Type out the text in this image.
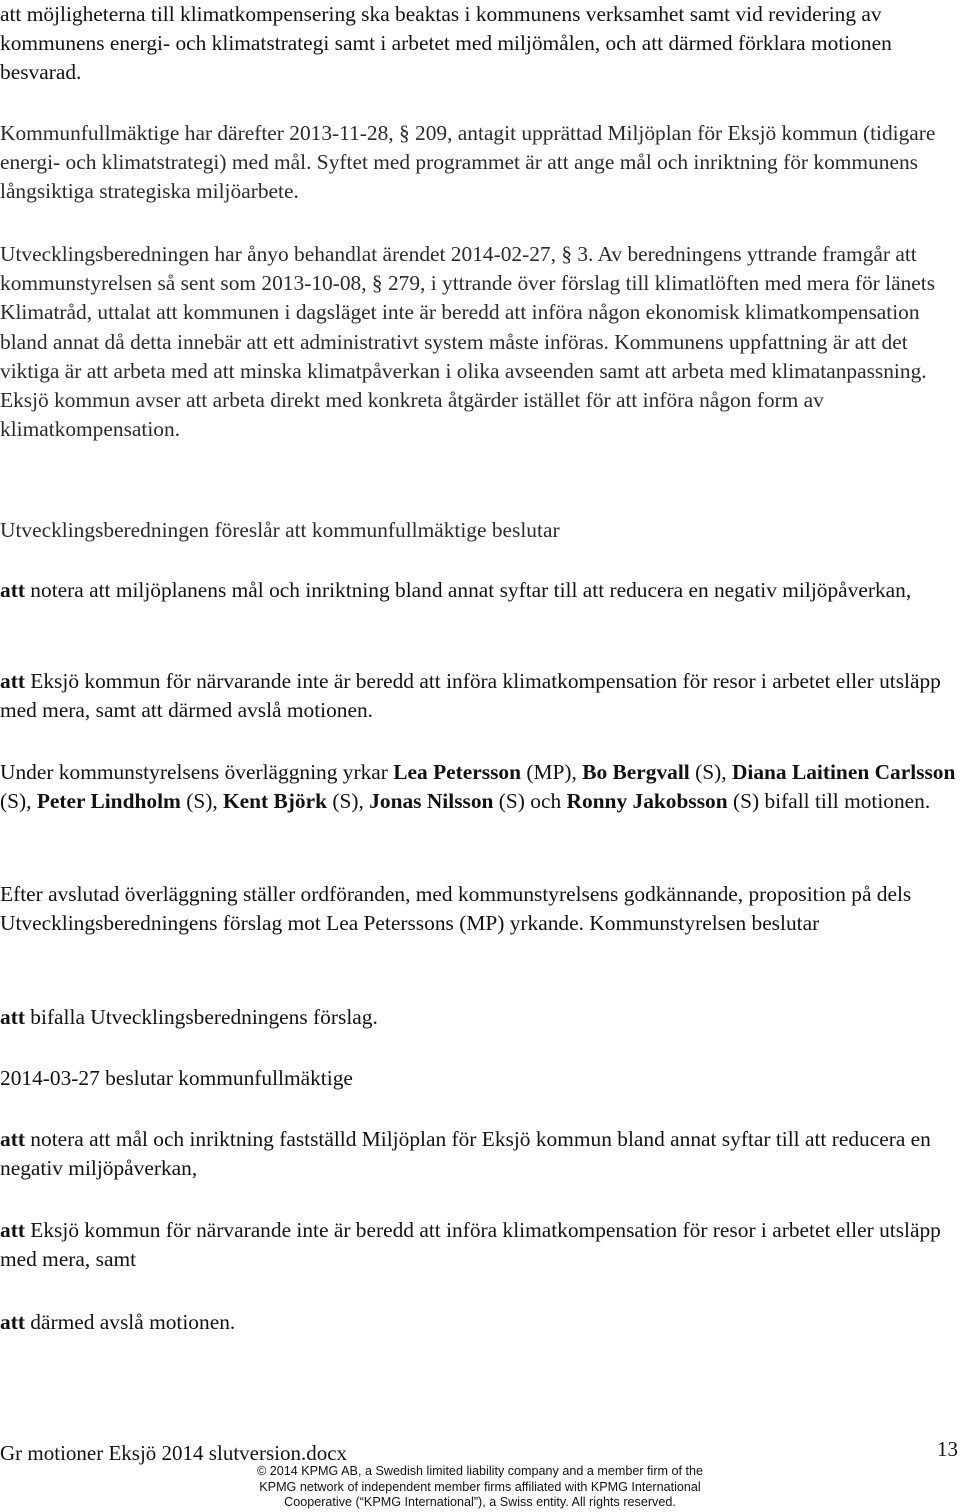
att möjligheterna till klimatkompensering ska beaktas i kommunens verksamhet samt vid revidering av kommunens energi- och klimatstrategi samt i arbetet med miljömålen, och att därmed förklara motionen besvarad.

Kommunfullmäktige har därefter 2013-11-28, § 209, antagit upprättad Miljöplan för Eksjö kommun (tidigare energi- och klimatstrategi) med mål. Syftet med programmet är att ange mål och inriktning för kommunens långsiktiga strategiska miljöarbete.

Utvecklingsberedningen har ånyo behandlat ärendet 2014-02-27, § 3. Av beredningens yttrande framgår att kommunstyrelsen så sent som 2013-10-08, § 279, i yttrande över förslag till klimatlöften med mera för länets Klimatråd, uttalat att kommunen i dagsläget inte är beredd att införa någon ekonomisk klimatkompensation bland annat då detta innebär att ett administrativt system måste införas. Kommunens uppfattning är att det viktiga är att arbeta med att minska klimatpåverkan i olika avseenden samt att arbeta med klimatanpassning. Eksjö kommun avser att arbeta direkt med konkreta åtgärder istället för att införa någon form av klimatkompensation.

Utvecklingsberedningen föreslår att kommunfullmäktige beslutar

att notera att miljöplanens mål och inriktning bland annat syftar till att reducera en negativ miljöpåverkan,

att Eksjö kommun för närvarande inte är beredd att införa klimatkompensation för resor i arbetet eller utsläpp med mera, samt att därmed avslå motionen.

Under kommunstyrelsens överläggning yrkar Lea Petersson (MP), Bo Bergvall (S), Diana Laitinen Carlsson (S), Peter Lindholm (S), Kent Björk (S), Jonas Nilsson (S) och Ronny Jakobsson (S) bifall till motionen.

Efter avslutad överläggning ställer ordföranden, med kommunstyrelsens godkännande, proposition på dels Utvecklingsberedningens förslag mot Lea Peterssons (MP) yrkande. Kommunstyrelsen beslutar

att bifalla Utvecklingsberedningens förslag.

2014-03-27 beslutar kommunfullmäktige

att notera att mål och inriktning fastställd Miljöplan för Eksjö kommun bland annat syftar till att reducera en negativ miljöpåverkan,

att Eksjö kommun för närvarande inte är beredd att införa klimatkompensation för resor i arbetet eller utsläpp med mera, samt

att därmed avslå motionen.

Gr motioner Eksjö 2014 slutversion.docx	13
© 2014 KPMG AB, a Swedish limited liability company and a member firm of the
KPMG network of independent member firms affiliated with KPMG International
Cooperative (“KPMG International”), a Swiss entity. All rights reserved.
